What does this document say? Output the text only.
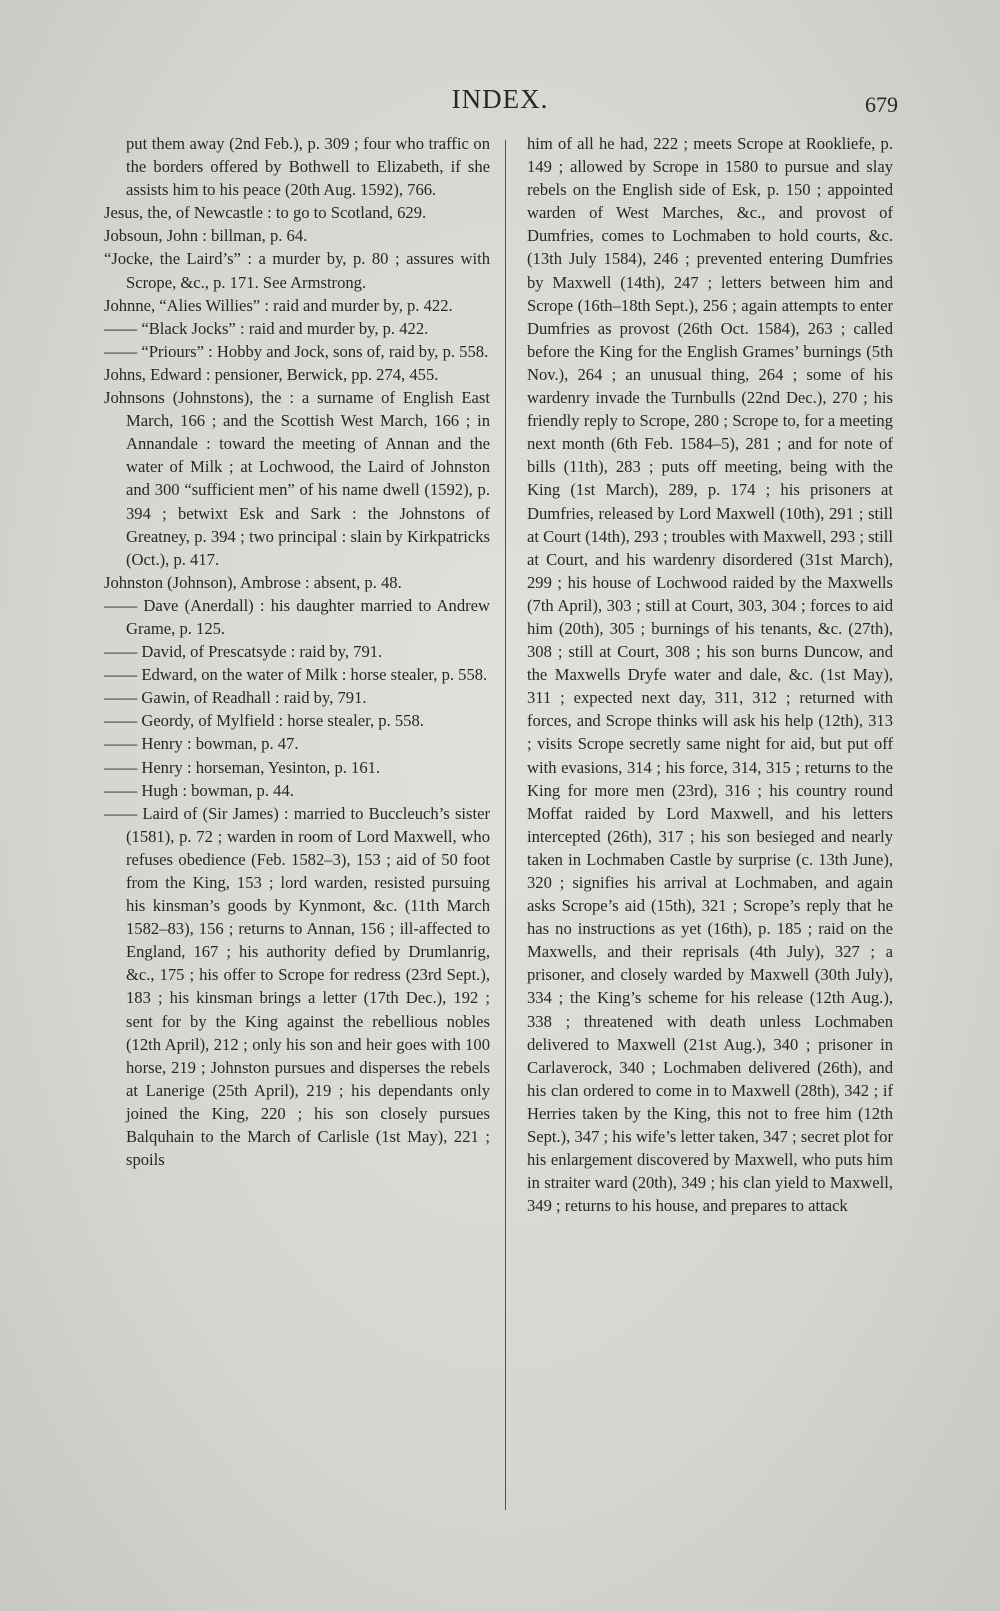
INDEX.	679

put them away (2nd Feb.), p. 309 ; four who traffic on the borders offered by Bothwell to Elizabeth, if she assists him to his peace (20th Aug. 1592), 766.

Jesus, the, of Newcastle : to go to Scotland, 629.

Jobsoun, John : billman, p. 64.

“Jocke, the Laird’s” : a murder by, p. 80 ; assures with Scrope, &c., p. 171. See Armstrong.

Johnne, “Alies Willies” : raid and murder by, p. 422.

—— “Black Jocks” : raid and murder by, p. 422.

—— “Priours” : Hobby and Jock, sons of, raid by, p. 558.

Johns, Edward : pensioner, Berwick, pp. 274, 455.

Johnsons (Johnstons), the : a surname of English East March, 166 ; and the Scottish West March, 166 ; in Annandale : toward the meeting of Annan and the water of Milk ; at Lochwood, the Laird of Johnston and 300 “sufficient men” of his name dwell (1592), p. 394 ; betwixt Esk and Sark : the Johnstons of Greatney, p. 394 ; two principal : slain by Kirkpatricks (Oct.), p. 417.

Johnston (Johnson), Ambrose : absent, p. 48.

—— Dave (Anerdall) : his daughter married to Andrew Grame, p. 125.

—— David, of Prescatsyde : raid by, 791.

—— Edward, on the water of Milk : horse stealer, p. 558.

—— Gawin, of Readhall : raid by, 791.

—— Geordy, of Mylfield : horse stealer, p. 558.

—— Henry : bowman, p. 47.

—— Henry : horseman, Yesinton, p. 161.

—— Hugh : bowman, p. 44.

—— Laird of (Sir James) : married to Buccleuch’s sister (1581), p. 72 ; warden in room of Lord Maxwell, who refuses obedience (Feb. 1582–3), 153 ; aid of 50 foot from the King, 153 ; lord warden, resisted pursuing his kinsman’s goods by Kynmont, &c. (11th March 1582–83), 156 ; returns to Annan, 156 ; ill-affected to England, 167 ; his authority defied by Drumlanrig, &c., 175 ; his offer to Scrope for redress (23rd Sept.), 183 ; his kinsman brings a letter (17th Dec.), 192 ; sent for by the King against the rebellious nobles (12th April), 212 ; only his son and heir goes with 100 horse, 219 ; Johnston pursues and disperses the rebels at Lanerige (25th April), 219 ; his dependants only joined the King, 220 ; his son closely pursues Balquhain to the March of Carlisle (1st May), 221 ; spoils

him of all he had, 222 ; meets Scrope at Rookliefe, p. 149 ; allowed by Scrope in 1580 to pursue and slay rebels on the English side of Esk, p. 150 ; appointed warden of West Marches, &c., and provost of Dumfries, comes to Lochmaben to hold courts, &c. (13th July 1584), 246 ; prevented entering Dumfries by Maxwell (14th), 247 ; letters between him and Scrope (16th–18th Sept.), 256 ; again attempts to enter Dumfries as provost (26th Oct. 1584), 263 ; called before the King for the English Grames’ burnings (5th Nov.), 264 ; an unusual thing, 264 ; some of his wardenry invade the Turnbulls (22nd Dec.), 270 ; his friendly reply to Scrope, 280 ; Scrope to, for a meeting next month (6th Feb. 1584–5), 281 ; and for note of bills (11th), 283 ; puts off meeting, being with the King (1st March), 289, p. 174 ; his prisoners at Dumfries, released by Lord Maxwell (10th), 291 ; still at Court (14th), 293 ; troubles with Maxwell, 293 ; still at Court, and his wardenry disordered (31st March), 299 ; his house of Lochwood raided by the Maxwells (7th April), 303 ; still at Court, 303, 304 ; forces to aid him (20th), 305 ; burnings of his tenants, &c. (27th), 308 ; still at Court, 308 ; his son burns Duncow, and the Maxwells Dryfe water and dale, &c. (1st May), 311 ; expected next day, 311, 312 ; returned with forces, and Scrope thinks will ask his help (12th), 313 ; visits Scrope secretly same night for aid, but put off with evasions, 314 ; his force, 314, 315 ; returns to the King for more men (23rd), 316 ; his country round Moffat raided by Lord Maxwell, and his letters intercepted (26th), 317 ; his son besieged and nearly taken in Lochmaben Castle by surprise (c. 13th June), 320 ; signifies his arrival at Lochmaben, and again asks Scrope’s aid (15th), 321 ; Scrope’s reply that he has no instructions as yet (16th), p. 185 ; raid on the Maxwells, and their reprisals (4th July), 327 ; a prisoner, and closely warded by Maxwell (30th July), 334 ; the King’s scheme for his release (12th Aug.), 338 ; threatened with death unless Lochmaben delivered to Maxwell (21st Aug.), 340 ; prisoner in Carlaverock, 340 ; Lochmaben delivered (26th), and his clan ordered to come in to Maxwell (28th), 342 ; if Herries taken by the King, this not to free him (12th Sept.), 347 ; his wife’s letter taken, 347 ; secret plot for his enlargement discovered by Maxwell, who puts him in straiter ward (20th), 349 ; his clan yield to Maxwell, 349 ; returns to his house, and prepares to attack
